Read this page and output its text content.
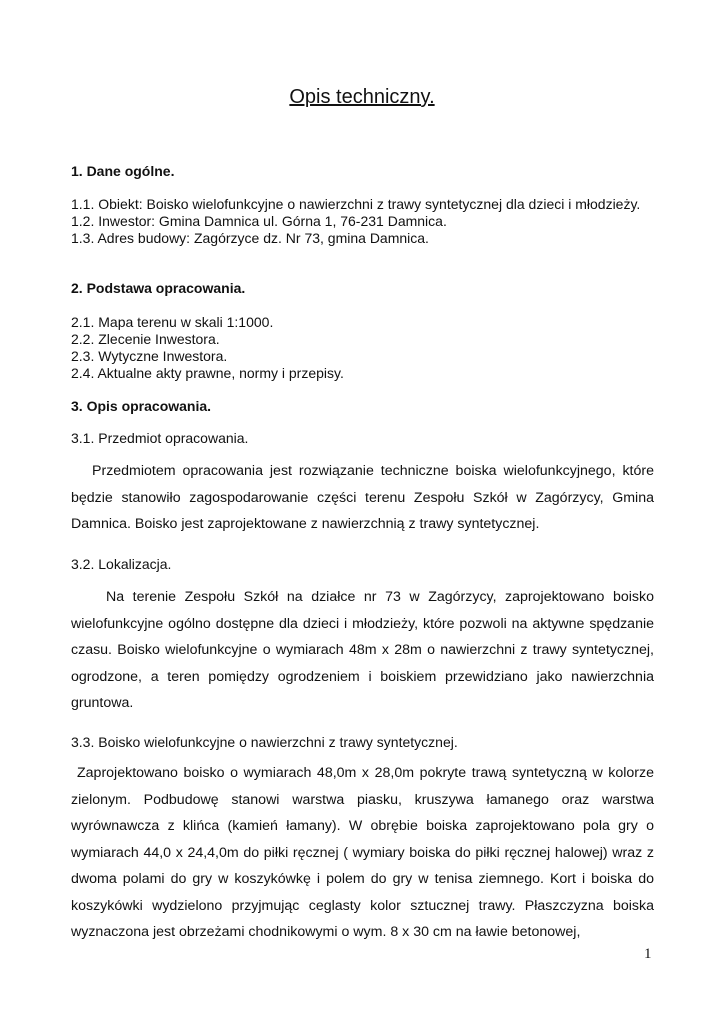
Opis techniczny.

1. Dane ogólne.

1.1. Obiekt: Boisko wielofunkcyjne o nawierzchni z trawy syntetycznej dla dzieci i młodzieży.
1.2. Inwestor: Gmina Damnica ul. Górna 1, 76-231 Damnica.
1.3. Adres budowy: Zagórzyce dz. Nr 73, gmina Damnica.

2. Podstawa opracowania.

2.1. Mapa terenu w skali 1:1000.
2.2. Zlecenie Inwestora.
2.3. Wytyczne Inwestora.
2.4. Aktualne akty prawne, normy i przepisy.

3. Opis opracowania.

3.1. Przedmiot opracowania.

Przedmiotem opracowania jest rozwiązanie techniczne boiska wielofunkcyjnego, które będzie stanowiło zagospodarowanie części terenu Zespołu Szkół w Zagórzycy, Gmina Damnica. Boisko jest zaprojektowane z nawierzchnią z trawy syntetycznej.

3.2. Lokalizacja.

Na terenie Zespołu Szkół na działce nr 73 w Zagórzycy, zaprojektowano boisko wielofunkcyjne ogólno dostępne dla dzieci i młodzieży, które pozwoli na aktywne spędzanie czasu. Boisko wielofunkcyjne o wymiarach 48m x 28m o nawierzchni z trawy syntetycznej, ogrodzone, a teren pomiędzy ogrodzeniem i boiskiem przewidziano jako nawierzchnia gruntowa.

3.3. Boisko wielofunkcyjne o nawierzchni z trawy syntetycznej.

Zaprojektowano boisko o wymiarach 48,0m x 28,0m pokryte trawą syntetyczną w kolorze zielonym. Podbudowę stanowi warstwa piasku, kruszywa łamanego oraz warstwa wyrównawcza z klińca (kamień łamany). W obrębie boiska zaprojektowano pola gry o wymiarach 44,0 x 24,4,0m do piłki ręcznej ( wymiary boiska do piłki ręcznej halowej) wraz z dwoma polami do gry w koszykówkę i polem do gry w tenisa ziemnego. Kort i boiska do koszykówki wydzielono przyjmując ceglasty kolor sztucznej trawy. Płaszczyzna boiska wyznaczona jest obrzeżami chodnikowymi o wym. 8 x 30 cm na ławie betonowej,

1
